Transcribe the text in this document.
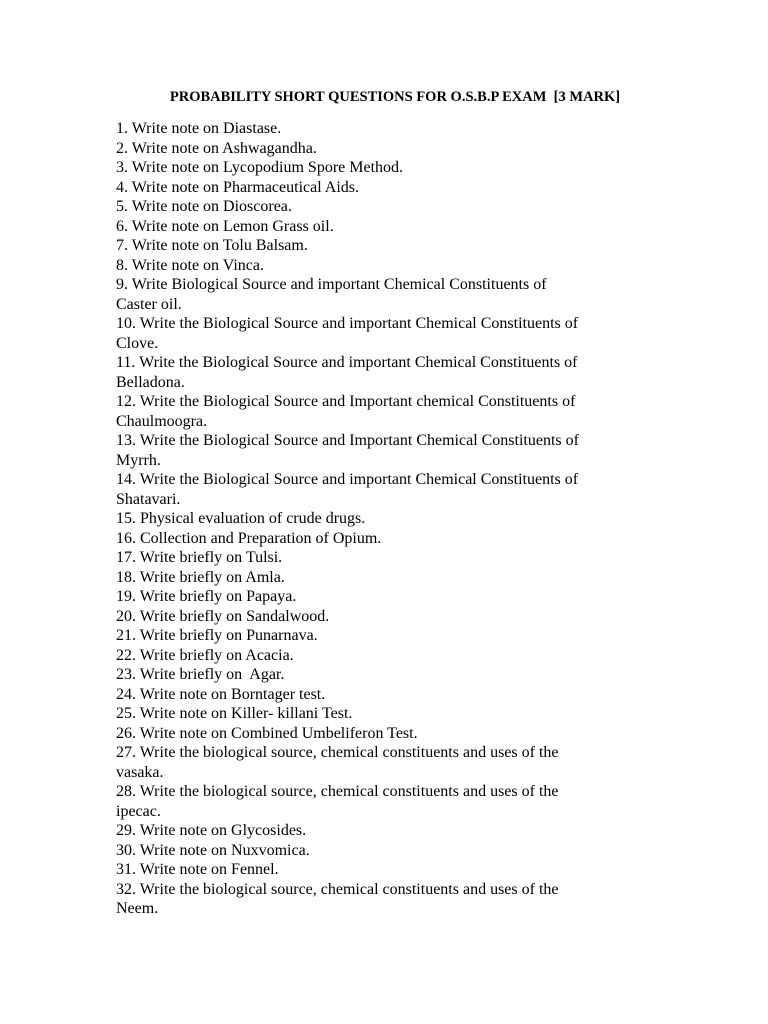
PROBABILITY SHORT QUESTIONS FOR O.S.B.P EXAM  [3 MARK]
1. Write note on Diastase.
2. Write note on Ashwagandha.
3. Write note on Lycopodium Spore Method.
4. Write note on Pharmaceutical Aids.
5. Write note on Dioscorea.
6. Write note on Lemon Grass oil.
7. Write note on Tolu Balsam.
8. Write note on Vinca.
9. Write Biological Source and important Chemical Constituents of
Caster oil.
10. Write the Biological Source and important Chemical Constituents of
Clove.
11. Write the Biological Source and important Chemical Constituents of
Belladona.
12. Write the Biological Source and Important chemical Constituents of
Chaulmoogra.
13. Write the Biological Source and Important Chemical Constituents of
Myrrh.
14. Write the Biological Source and important Chemical Constituents of
Shatavari.
15. Physical evaluation of crude drugs.
16. Collection and Preparation of Opium.
17. Write briefly on Tulsi.
18. Write briefly on Amla.
19. Write briefly on Papaya.
20. Write briefly on Sandalwood.
21. Write briefly on Punarnava.
22. Write briefly on Acacia.
23. Write briefly on  Agar.
24. Write note on Borntager test.
25. Write note on Killer- killani Test.
26. Write note on Combined Umbeliferon Test.
27. Write the biological source, chemical constituents and uses of the
vasaka.
28. Write the biological source, chemical constituents and uses of the
ipecac.
29. Write note on Glycosides.
30. Write note on Nuxvomica.
31. Write note on Fennel.
32. Write the biological source, chemical constituents and uses of the
Neem.
